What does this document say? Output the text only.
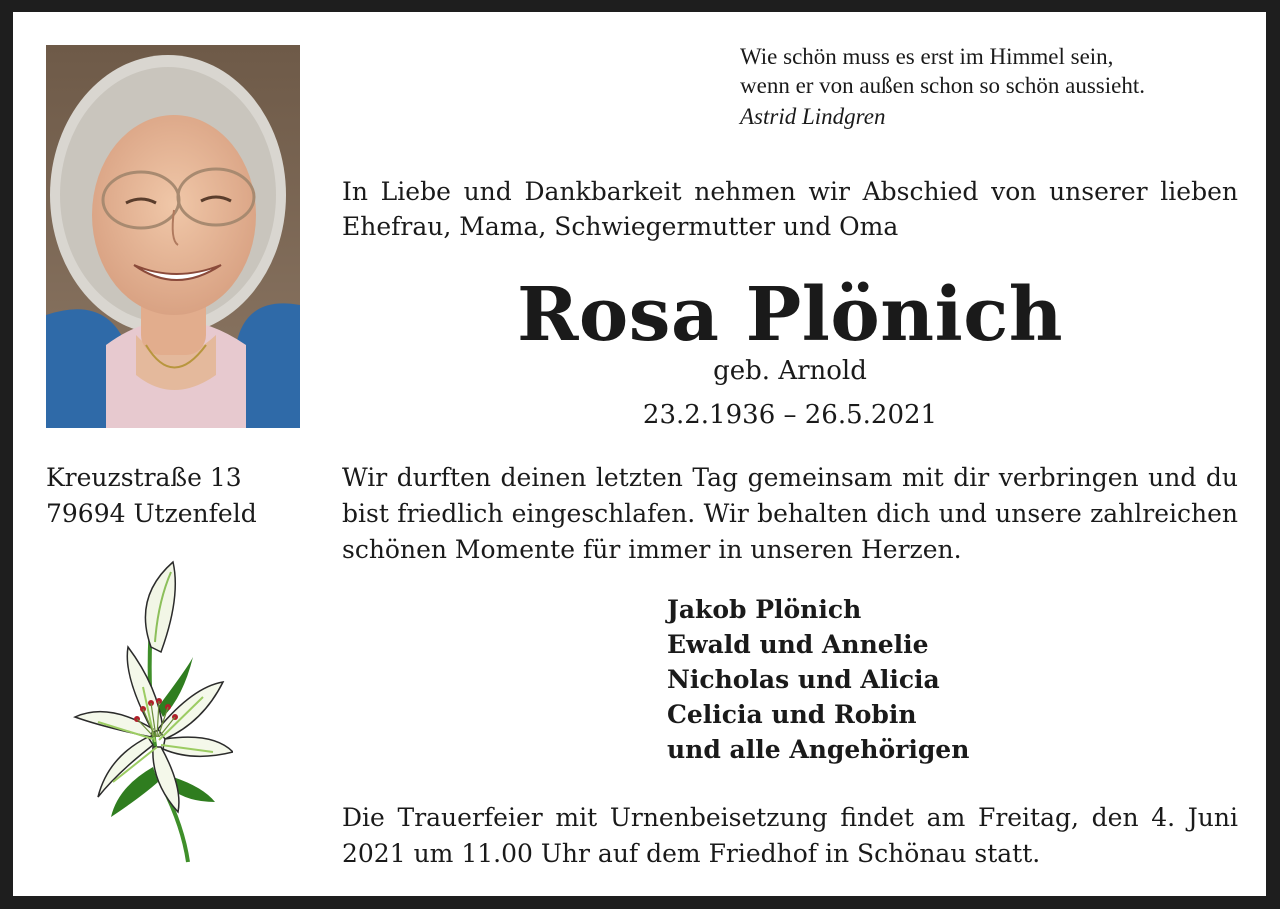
Wie schön muss es erst im Himmel sein,
wenn er von außen schon so schön aussieht.
Astrid Lindgren
In Liebe und Dankbarkeit nehmen wir Abschied von unserer lieben Ehefrau, Mama, Schwiegermutter und Oma
Rosa Plönich
geb. Arnold
23.2.1936 – 26.5.2021
Kreuzstraße 13
79694 Utzenfeld
Wir durften deinen letzten Tag gemeinsam mit dir verbringen und du bist friedlich eingeschlafen. Wir behalten dich und unsere zahlreichen schönen Momente für immer in unseren Herzen.
Jakob Plönich
Ewald und Annelie
Nicholas und Alicia
Celicia und Robin
und alle Angehörigen
Die Trauerfeier mit Urnenbeisetzung findet am Freitag, den 4. Juni 2021 um 11.00 Uhr auf dem Friedhof in Schönau statt.
